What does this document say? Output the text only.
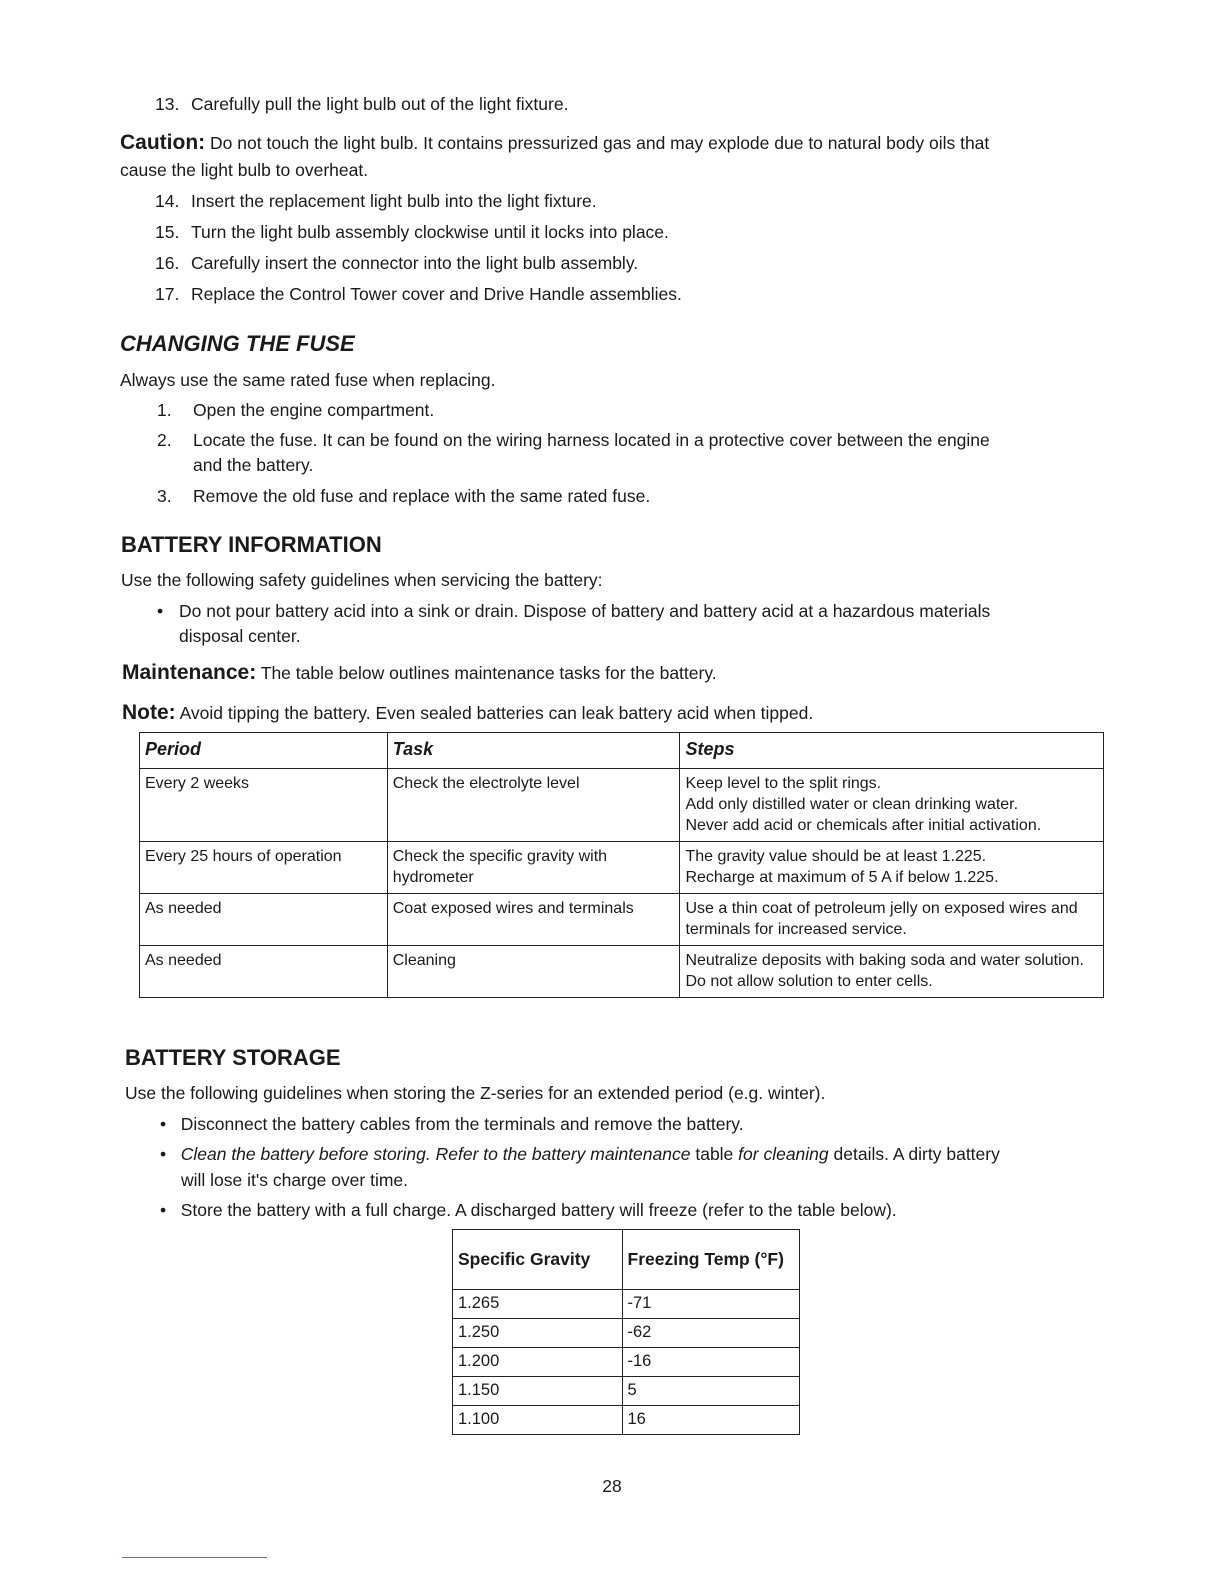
13. Carefully pull the light bulb out of the light fixture.
Caution: Do not touch the light bulb. It contains pressurized gas and may explode due to natural body oils that
cause the light bulb to overheat.
14. Insert the replacement light bulb into the light fixture.
15. Turn the light bulb assembly clockwise until it locks into place.
16. Carefully insert the connector into the light bulb assembly.
17. Replace the Control Tower cover and Drive Handle assemblies.
CHANGING THE FUSE
Always use the same rated fuse when replacing.
1. Open the engine compartment.
2. Locate the fuse. It can be found on the wiring harness located in a protective cover between the engine
and the battery.
3. Remove the old fuse and replace with the same rated fuse.
BATTERY INFORMATION
Use the following safety guidelines when servicing the battery:
• Do not pour battery acid into a sink or drain. Dispose of battery and battery acid at a hazardous materials
disposal center.
Maintenance: The table below outlines maintenance tasks for the battery.
Note: Avoid tipping the battery. Even sealed batteries can leak battery acid when tipped.
Period	Task	Steps
Every 2 weeks	Check the electrolyte level	Keep level to the split rings.
Add only distilled water or clean drinking water.
Never add acid or chemicals after initial activation.

Every 25 hours of operation	Check the specific gravity with hydrometer	The gravity value should be at least 1.225.
Recharge at maximum of 5 A if below 1.225.

As needed	Coat exposed wires and terminals	Use a thin coat of petroleum jelly on exposed wires and terminals for increased service.

As needed	Cleaning	Neutralize deposits with baking soda and water solution.
Do not allow solution to enter cells.
BATTERY STORAGE
Use the following guidelines when storing the Z-series for an extended period (e.g. winter).
• Disconnect the battery cables from the terminals and remove the battery.
• Clean the battery before storing. Refer to the battery maintenance table for cleaning details. A dirty battery
will lose it's charge over time.
• Store the battery with a full charge. A discharged battery will freeze (refer to the table below).
Specific Gravity	Freezing Temp (°F)
1.265	-71
1.250	-62
1.200	-16
1.150	5
1.100	16
28
